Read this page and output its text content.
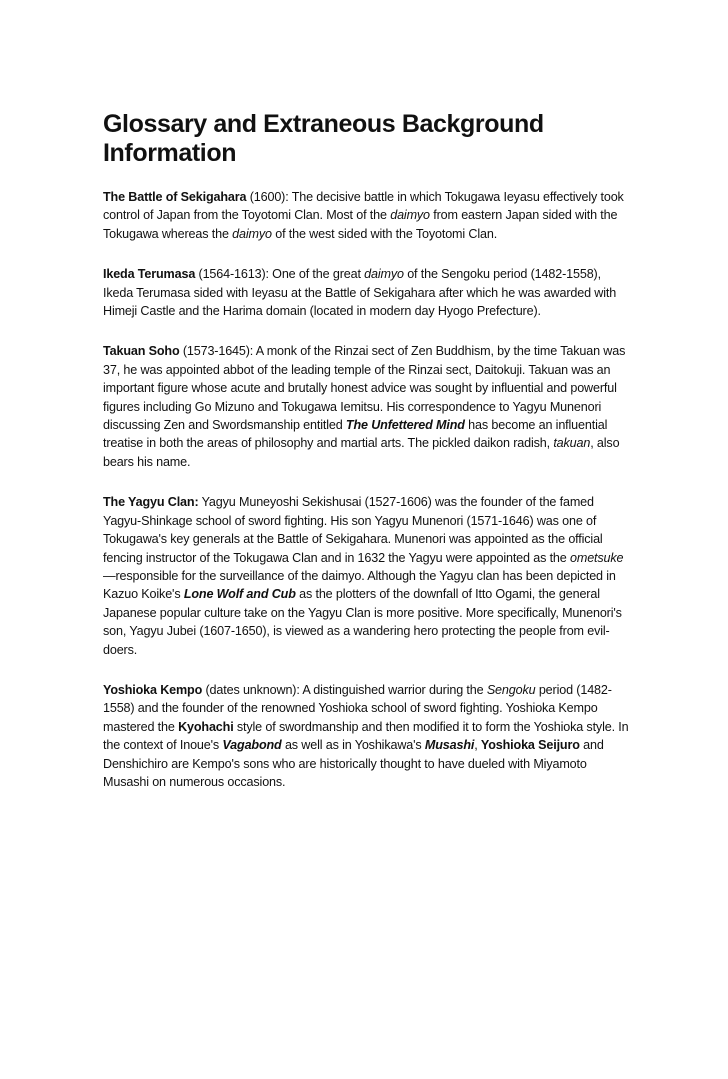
Glossary and Extraneous Background
Information

The Battle of Sekigahara (1600): The decisive battle in which Tokugawa Ieyasu effectively took control of Japan from the Toyotomi Clan. Most of the daimyo from eastern Japan sided with the Tokugawa whereas the daimyo of the west sided with the Toyotomi Clan.

Ikeda Terumasa (1564-1613): One of the great daimyo of the Sengoku period (1482-1558), Ikeda Terumasa sided with Ieyasu at the Battle of Sekigahara after which he was awarded with Himeji Castle and the Harima domain (located in modern day Hyogo Prefecture).

Takuan Soho (1573-1645): A monk of the Rinzai sect of Zen Buddhism, by the time Takuan was 37, he was appointed abbot of the leading temple of the Rinzai sect, Daitokuji. Takuan was an important figure whose acute and brutally honest advice was sought by influential and powerful figures including Go Mizuno and Tokugawa Iemitsu. His correspondence to Yagyu Munenori discussing Zen and Swordsmanship entitled The Unfettered Mind has become an influential treatise in both the areas of philosophy and martial arts. The pickled daikon radish, takuan, also bears his name.

The Yagyu Clan: Yagyu Muneyoshi Sekishusai (1527-1606) was the founder of the famed Yagyu-Shinkage school of sword fighting. His son Yagyu Munenori (1571-1646) was one of Tokugawa's key generals at the Battle of Sekigahara. Munenori was appointed as the official fencing instructor of the Tokugawa Clan and in 1632 the Yagyu were appointed as the ometsuke—responsible for the surveillance of the daimyo. Although the Yagyu clan has been depicted in Kazuo Koike's Lone Wolf and Cub as the plotters of the downfall of Itto Ogami, the general Japanese popular culture take on the Yagyu Clan is more positive. More specifically, Munenori's son, Yagyu Jubei (1607-1650), is viewed as a wandering hero protecting the people from evil-doers.

Yoshioka Kempo (dates unknown): A distinguished warrior during the Sengoku period (1482-1558) and the founder of the renowned Yoshioka school of sword fighting. Yoshioka Kempo mastered the Kyohachi style of swordmanship and then modified it to form the Yoshioka style. In the context of Inoue's Vagabond as well as in Yoshikawa's Musashi, Yoshioka Seijuro and Denshichiro are Kempo's sons who are historically thought to have dueled with Miyamoto Musashi on numerous occasions.
